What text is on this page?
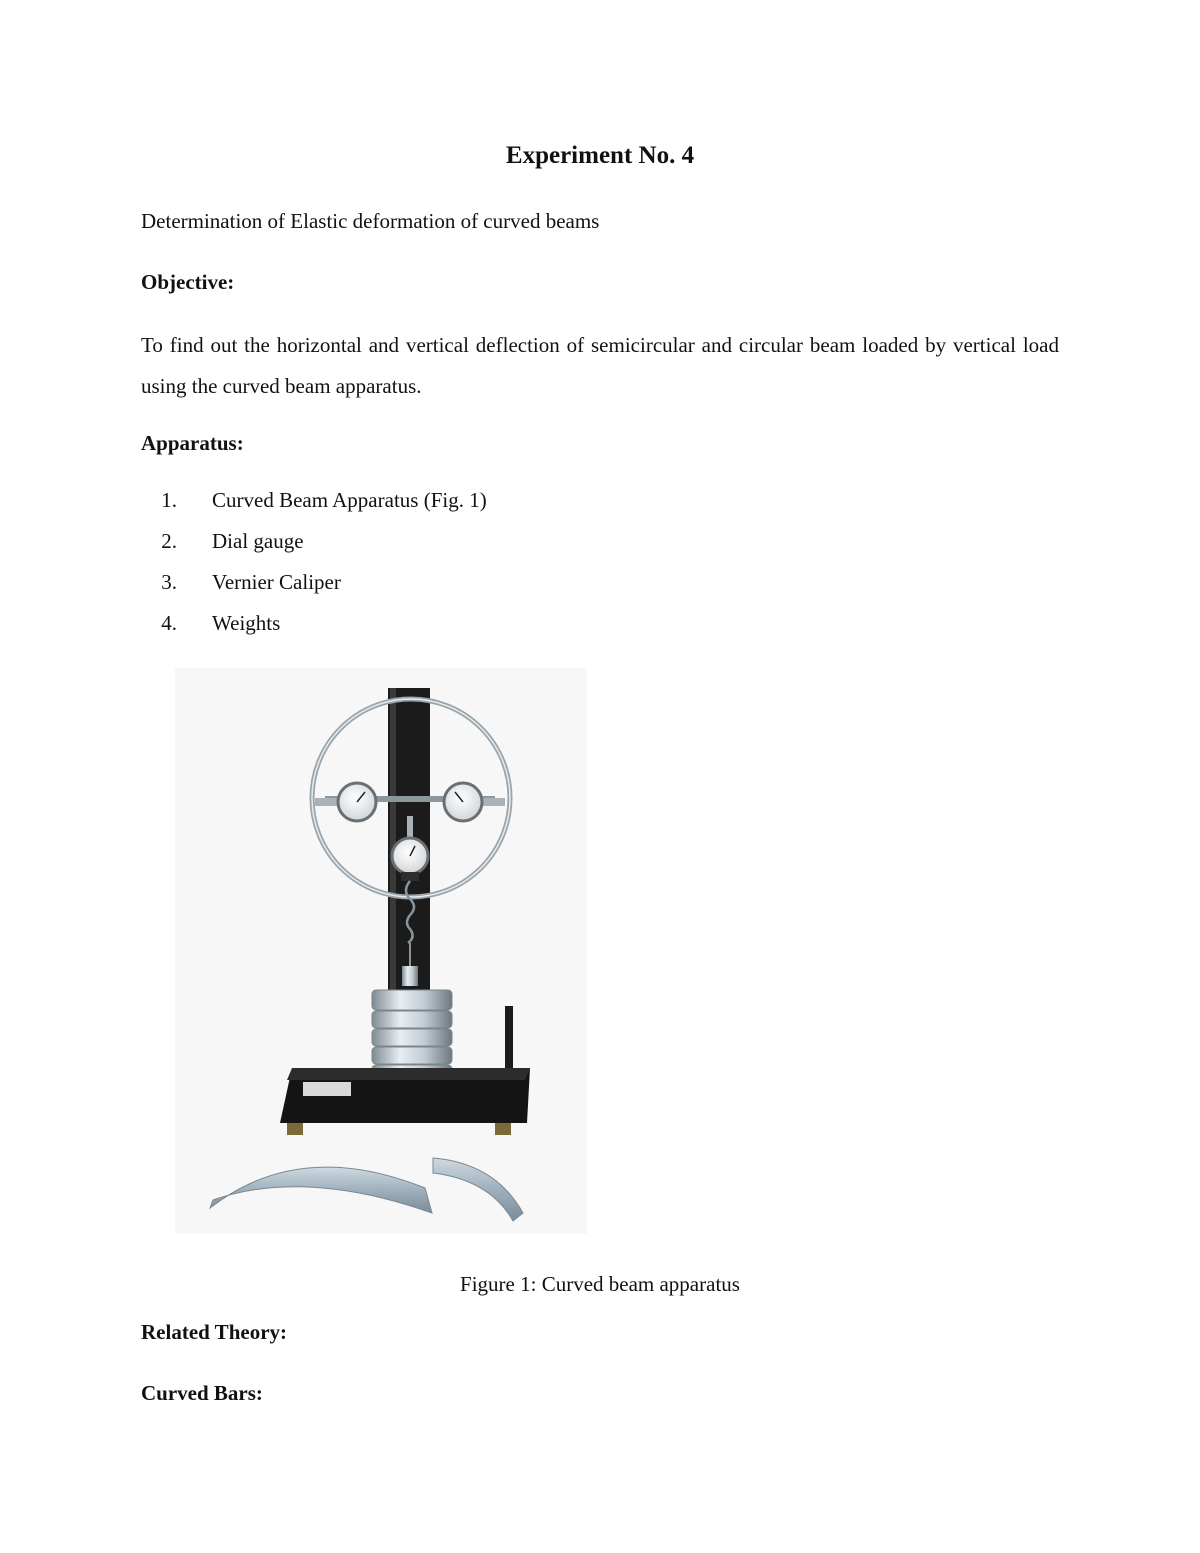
Experiment No. 4

Determination of Elastic deformation of curved beams

Objective:

To find out the horizontal and vertical deflection of semicircular and circular beam loaded by vertical load using the curved beam apparatus.

Apparatus:
1. Curved Beam Apparatus (Fig. 1)
2. Dial gauge
3. Vernier Caliper
4. Weights

Figure 1: Curved beam apparatus

Related Theory:
Curved Bars:
